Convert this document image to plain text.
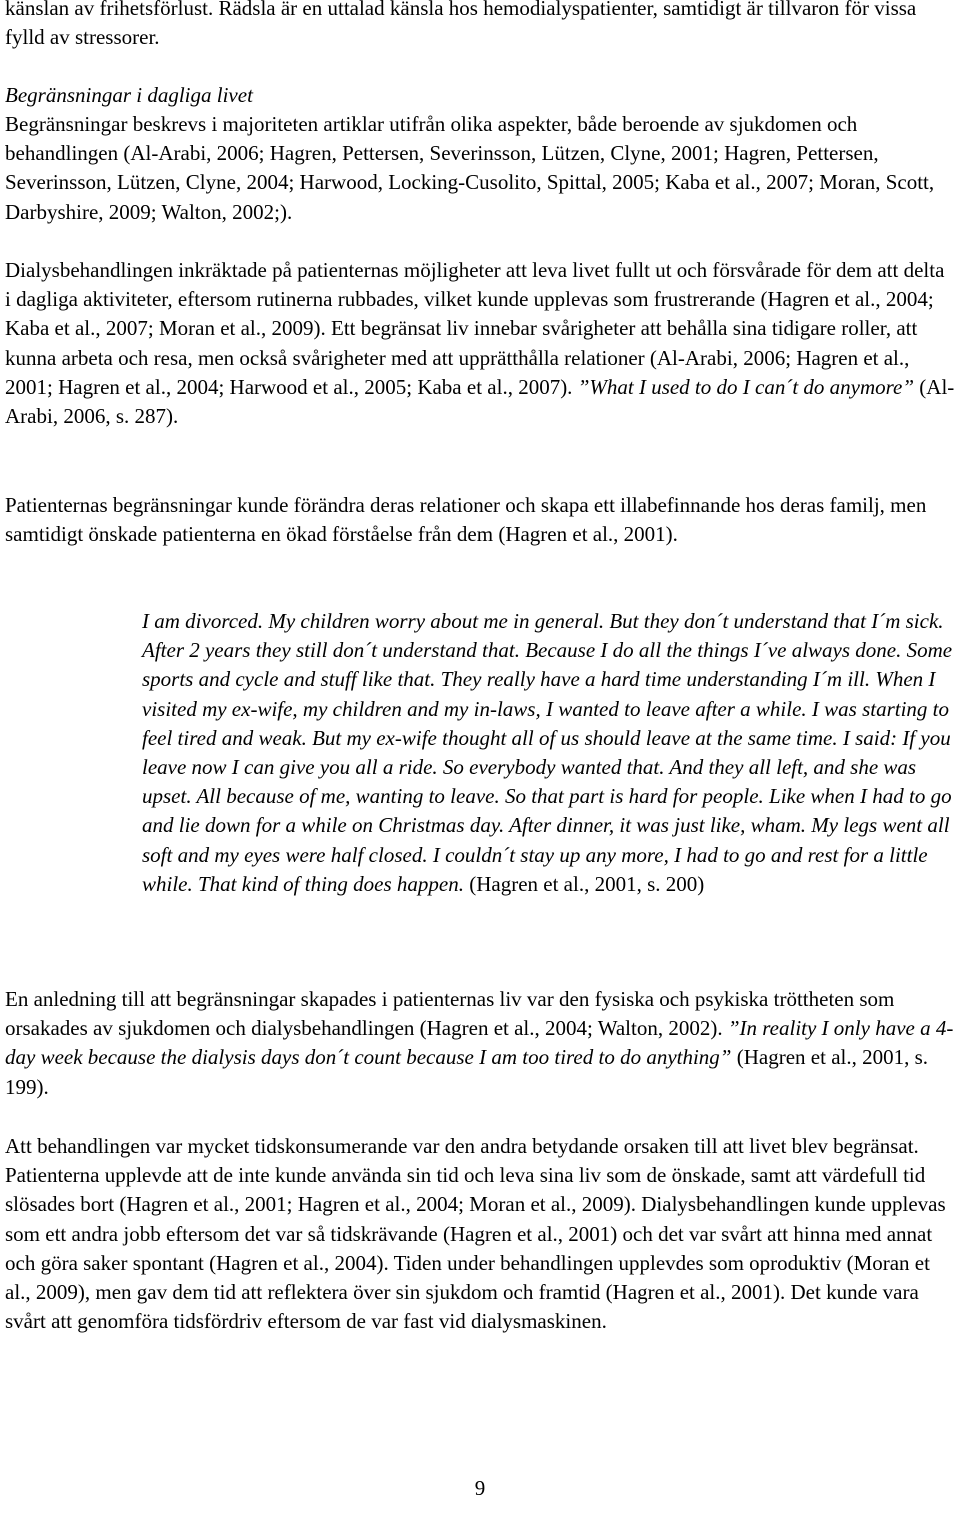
känslan av frihetsförlust. Rädsla är en uttalad känsla hos hemodialyspatienter, samtidigt är tillvaron för vissa fylld av stressorer.

Begränsningar i dagliga livet

Begränsningar beskrevs i majoriteten artiklar utifrån olika aspekter, både beroende av sjukdomen och behandlingen (Al-Arabi, 2006; Hagren, Pettersen, Severinsson, Lützen, Clyne, 2001; Hagren, Pettersen, Severinsson, Lützen, Clyne, 2004; Harwood, Locking-Cusolito, Spittal, 2005; Kaba et al., 2007; Moran, Scott, Darbyshire, 2009; Walton, 2002;).

Dialysbehandlingen inkräktade på patienternas möjligheter att leva livet fullt ut och försvårade för dem att delta i dagliga aktiviteter, eftersom rutinerna rubbades, vilket kunde upplevas som frustrerande (Hagren et al., 2004; Kaba et al., 2007; Moran et al., 2009). Ett begränsat liv innebar svårigheter att behålla sina tidigare roller, att kunna arbeta och resa, men också svårigheter med att upprätthålla relationer (Al-Arabi, 2006; Hagren et al., 2001; Hagren et al., 2004; Harwood et al., 2005; Kaba et al., 2007). ”What I used to do I can´t do anymore” (Al-Arabi, 2006, s. 287).

Patienternas begränsningar kunde förändra deras relationer och skapa ett illabefinnande hos deras familj, men samtidigt önskade patienterna en ökad förståelse från dem (Hagren et al., 2001).

I am divorced. My children worry about me in general. But they don´t understand that I´m sick. After 2 years they still don´t understand that. Because I do all the things I´ve always done. Some sports and cycle and stuff like that. They really have a hard time understanding I´m ill. When I visited my ex-wife, my children and my in-laws, I wanted to leave after a while. I was starting to feel tired and weak. But my ex-wife thought all of us should leave at the same time. I said: If you leave now I can give you all a ride. So everybody wanted that. And they all left, and she was upset. All because of me, wanting to leave. So that part is hard for people. Like when I had to go and lie down for a while on Christmas day. After dinner, it was just like, wham. My legs went all soft and my eyes were half closed. I couldn´t stay up any more, I had to go and rest for a little while. That kind of thing does happen. (Hagren et al., 2001, s. 200)

En anledning till att begränsningar skapades i patienternas liv var den fysiska och psykiska tröttheten som orsakades av sjukdomen och dialysbehandlingen (Hagren et al., 2004; Walton, 2002). ”In reality I only have a 4-day week because the dialysis days don´t count because I am too tired to do anything” (Hagren et al., 2001, s. 199).

Att behandlingen var mycket tidskonsumerande var den andra betydande orsaken till att livet blev begränsat. Patienterna upplevde att de inte kunde använda sin tid och leva sina liv som de önskade, samt att värdefull tid slösades bort (Hagren et al., 2001; Hagren et al., 2004; Moran et al., 2009). Dialysbehandlingen kunde upplevas som ett andra jobb eftersom det var så tidskrävande (Hagren et al., 2001) och det var svårt att hinna med annat och göra saker spontant (Hagren et al., 2004). Tiden under behandlingen upplevdes som oproduktiv (Moran et al., 2009), men gav dem tid att reflektera över sin sjukdom och framtid (Hagren et al., 2001). Det kunde vara svårt att genomföra tidsfördriv eftersom de var fast vid dialysmaskinen.

9
